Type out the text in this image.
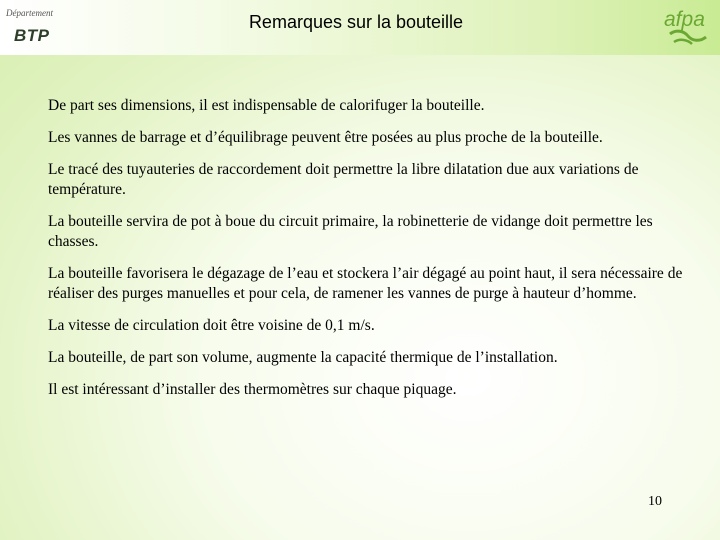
Département
BTP
Remarques sur la bouteille	afpa

De part ses dimensions, il est indispensable de calorifuger la bouteille.

Les vannes de barrage et d’équilibrage peuvent être posées au plus proche de la bouteille.

Le tracé des tuyauteries de raccordement doit permettre la libre dilatation due aux variations de température.

La bouteille servira de pot à boue du circuit primaire, la robinetterie de vidange doit permettre les chasses.

La bouteille favorisera le dégazage de l’eau et stockera l’air dégagé au point haut, il sera nécessaire de réaliser des purges manuelles et pour cela, de ramener les vannes de purge à hauteur d’homme.

La vitesse de circulation doit être voisine de 0,1 m/s.

La bouteille, de part son volume, augmente la capacité thermique de l’installation.

Il est intéressant d’installer des thermomètres sur chaque piquage.

10
